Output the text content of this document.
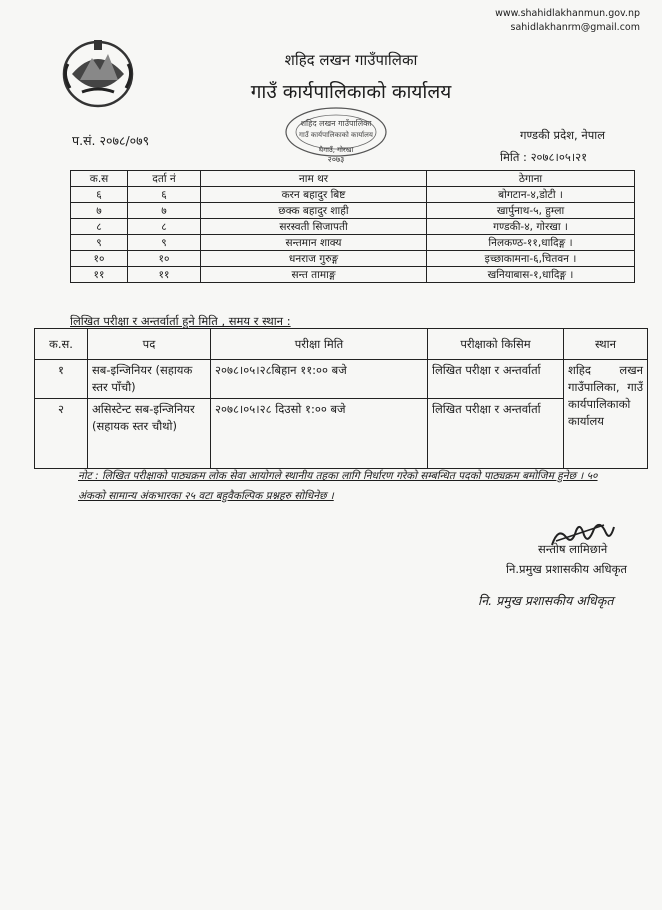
www.shahidlakhanmun.gov.np
sahidlakhanrm@gmail.com
शहिद लखन गाउँपालिका
गाउँ कार्यपालिकाको कार्यालय
शहिद लखन गाउँपालिका
गाउँ कार्यपालिकाको कार्यालय
थैगाउँ, गोरखा
२०७३
प.सं. २०७८/०७९	गण्डकी प्रदेश, नेपाल
मिति : २०७८।०५।२१
क.स	दर्ता नं	नाम थर	ठेगाना
६	६	करन बहादुर बिष्ट	बोगटान-४,डोटी ।
७	७	छक्क बहादुर शाही	खार्पुनाथ-५, हुम्ला
८	८	सरस्वती सिजापती	गण्डकी-४, गोरखा ।
९	९	सन्तमान शाक्य	निलकण्ठ-११,धादिङ्ग ।
१०	१०	धनराज गुरुङ्ग	इच्छाकामना-६,चितवन ।
११	११	सन्त तामाङ्ग	खनियाबास-१,धादिङ्ग ।
लिखित परीक्षा र अन्तर्वार्ता हुने मिति , समय र स्थान :
क.स.	पद	परीक्षा मिति	परीक्षाको किसिम	स्थान
१	सब-इन्जिनियर (सहायक स्तर पाँचौ)	२०७८।०५।२८बिहान ११:०० बजे	लिखित परीक्षा र अन्तर्वार्ता	शहिद लखन गाउँपालिका, गाउँ कार्यपालिकाको कार्यालय
२	असिस्टेन्ट सब-इन्जिनियर (सहायक स्तर चौथो)	२०७८।०५।२८ दिउसो १:०० बजे	लिखित परीक्षा र अन्तर्वार्ता	
नोट : लिखित परीक्षाको पाठ्यक्रम लोक सेवा आयोगले स्थानीय तहका लागि निर्धारण गरेको सम्बन्धित पदको पाठ्यक्रम बमोजिम हुनेछ । ५० अंकको सामान्य अंकभारका २५ वटा बहुवैकल्पिक प्रश्नहरु सोधिनेछ ।
सन्तोष लामिछाने
नि.प्रमुख प्रशासकीय अधिकृत
नि. प्रमुख प्रशासकीय अधिकृत
